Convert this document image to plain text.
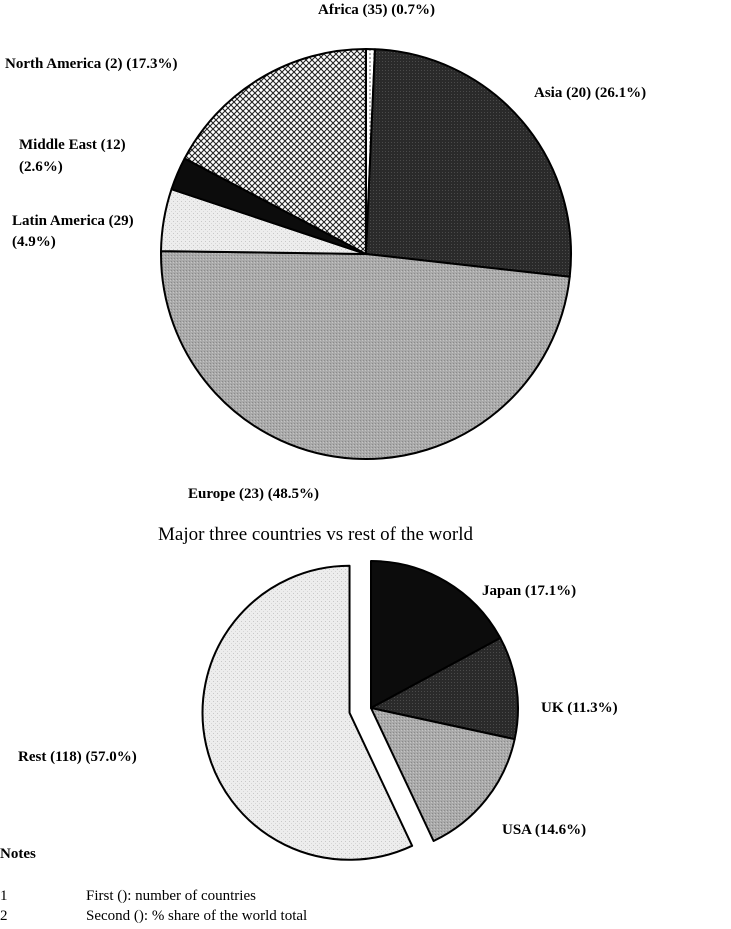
Africa (35) (0.7%)
Asia (20) (26.1%)
Europe (23) (48.5%)
Latin America (29)
(4.9%)
Middle East (12)
(2.6%)
North America (2) (17.3%)
Major three countries vs rest of the world
Japan (17.1%)
UK (11.3%)
USA (14.6%)
Rest (118) (57.0%)

Notes

1	First (): number of countries

2	Second (): % share of the world total
